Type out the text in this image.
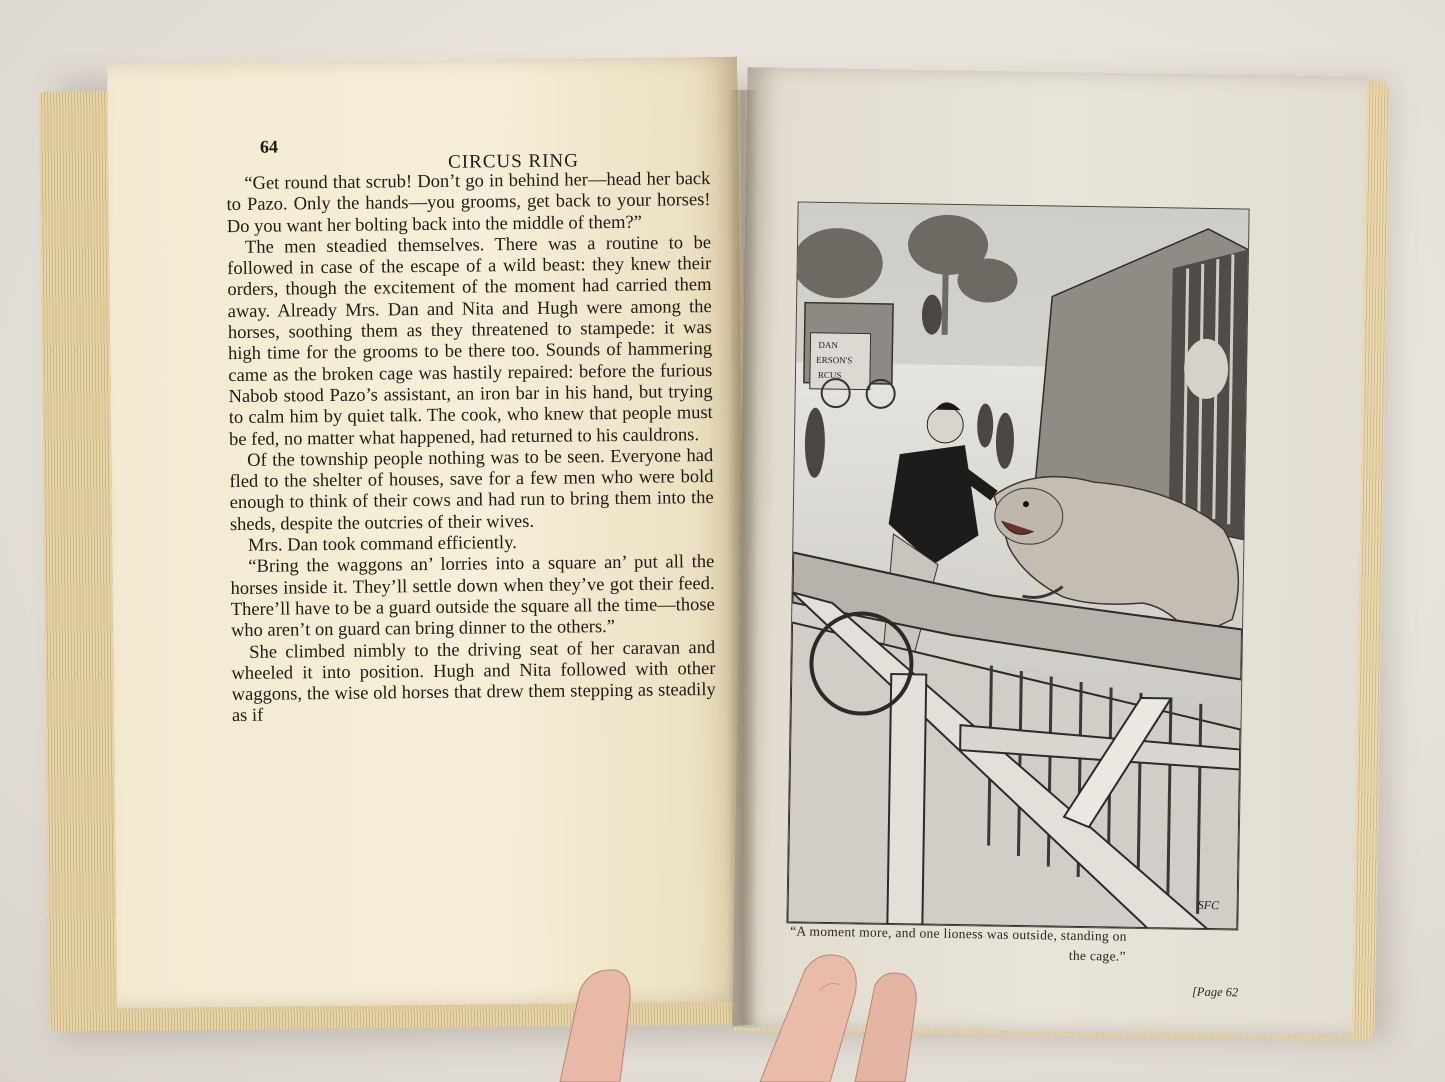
64
CIRCUS RING

“Get round that scrub! Don’t go in behind her—head her back to Pazo. Only the hands—you grooms, get back to your horses! Do you want her bolting back into the middle of them?”

The men steadied themselves. There was a routine to be followed in case of the escape of a wild beast: they knew their orders, though the excitement of the moment had carried them away. Already Mrs. Dan and Nita and Hugh were among the horses, soothing them as they threatened to stampede: it was high time for the grooms to be there too. Sounds of hammering came as the broken cage was hastily repaired: before the furious Nabob stood Pazo’s assistant, an iron bar in his hand, but trying to calm him by quiet talk. The cook, who knew that people must be fed, no matter what happened, had returned to his cauldrons.

Of the township people nothing was to be seen. Everyone had fled to the shelter of houses, save for a few men who were bold enough to think of their cows and had run to bring them into the sheds, despite the outcries of their wives.

Mrs. Dan took command efficiently.

“Bring the waggons an’ lorries into a square an’ put all the horses inside it. They’ll settle down when they’ve got their feed. There’ll have to be a guard outside the square all the time—those who aren’t on guard can bring dinner to the others.”

She climbed nimbly to the driving seat of her caravan and wheeled it into position. Hugh and Nita followed with other waggons, the wise old horses that drew them stepping as steadily as if

DAN
ERSON'S
RCUS
SFC
“A moment more, and one lioness was outside, standing on
the cage.”
[Page 62
